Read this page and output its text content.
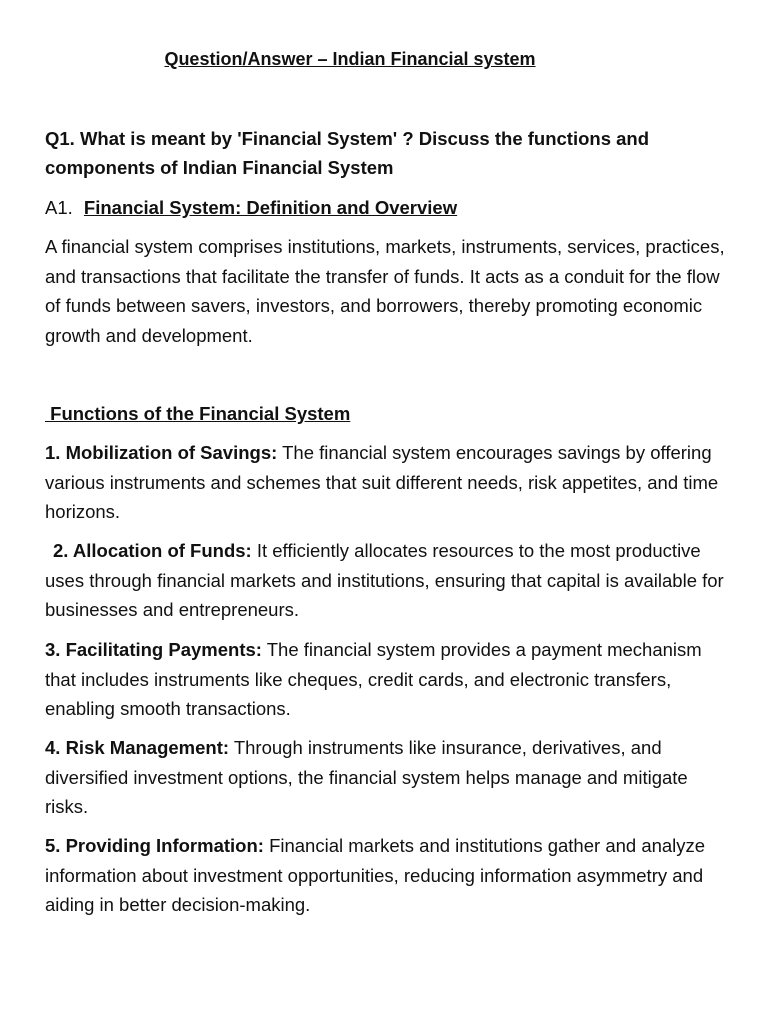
Question/Answer – Indian Financial system
Q1. What is meant by 'Financial System' ? Discuss the functions and components of Indian Financial System
A1. Financial System: Definition and Overview
A financial system comprises institutions, markets, instruments, services, practices, and transactions that facilitate the transfer of funds. It acts as a conduit for the flow of funds between savers, investors, and borrowers, thereby promoting economic growth and development.
Functions of the Financial System
1. Mobilization of Savings: The financial system encourages savings by offering various instruments and schemes that suit different needs, risk appetites, and time horizons.
2. Allocation of Funds: It efficiently allocates resources to the most productive uses through financial markets and institutions, ensuring that capital is available for businesses and entrepreneurs.
3. Facilitating Payments: The financial system provides a payment mechanism that includes instruments like cheques, credit cards, and electronic transfers, enabling smooth transactions.
4. Risk Management: Through instruments like insurance, derivatives, and diversified investment options, the financial system helps manage and mitigate risks.
5. Providing Information: Financial markets and institutions gather and analyze information about investment opportunities, reducing information asymmetry and aiding in better decision-making.
